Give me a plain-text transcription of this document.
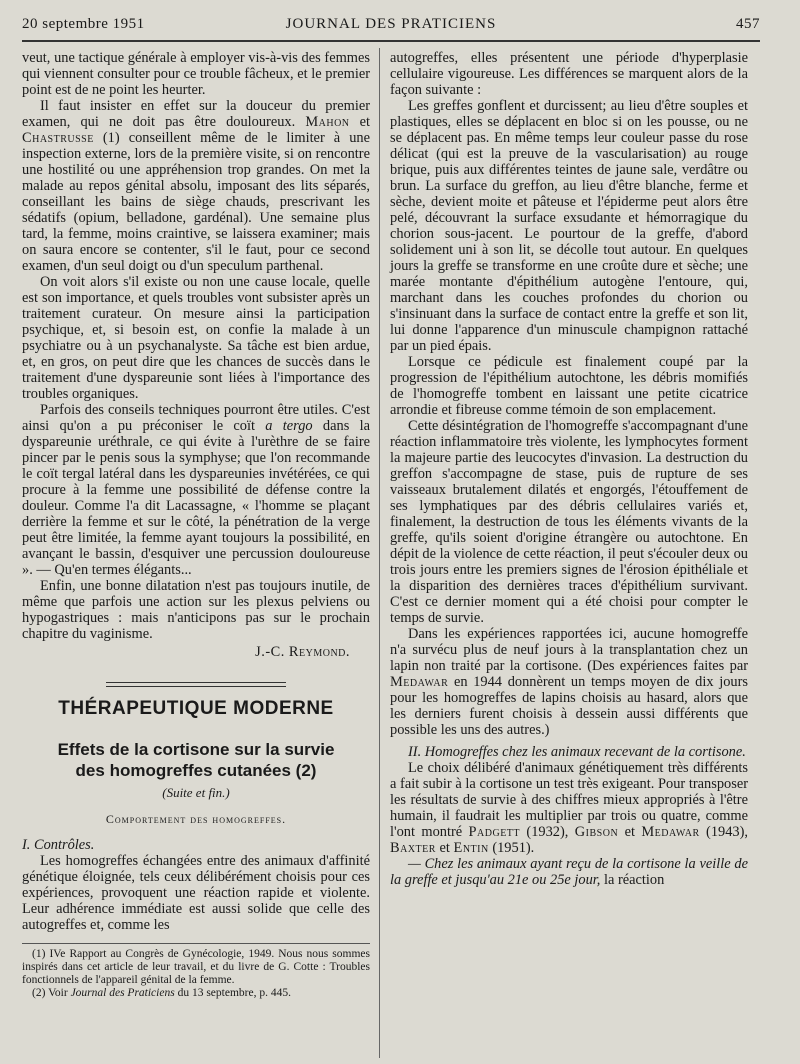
20 septembre 1951	JOURNAL DES PRATICIENS	457

veut, une tactique générale à employer vis-à-vis des femmes qui viennent consulter pour ce trouble fâcheux, et le premier point est de ne point les heurter.

Il faut insister en effet sur la douceur du premier examen, qui ne doit pas être douloureux. Mahon et Chastrusse (1) conseillent même de le limiter à une inspection externe, lors de la première visite, si on rencontre une hostilité ou une appréhension trop grandes. On met la malade au repos génital absolu, imposant des lits séparés, conseillant les bains de siège chauds, prescrivant les sédatifs (opium, belladone, gardénal). Une semaine plus tard, la femme, moins craintive, se laissera examiner; mais on saura encore se contenter, s'il le faut, pour ce second examen, d'un seul doigt ou d'un speculum parthenal.

On voit alors s'il existe ou non une cause locale, quelle est son importance, et quels troubles vont subsister après un traitement curateur. On mesure ainsi la participation psychique, et, si besoin est, on confie la malade à un psychiatre ou à un psychanalyste. Sa tâche est bien ardue, et, en gros, on peut dire que les chances de succès dans le traitement d'une dyspareunie sont liées à l'importance des troubles organiques.

Parfois des conseils techniques pourront être utiles. C'est ainsi qu'on a pu préconiser le coït a tergo dans la dyspareunie uréthrale, ce qui évite à l'urèthre de se faire pincer par le penis sous la symphyse; que l'on recommande le coït tergal latéral dans les dyspareunies invétérées, ce qui procure à la femme une possibilité de défense contre la douleur. Comme l'a dit Lacassagne, « l'homme se plaçant derrière la femme et sur le côté, la pénétration de la verge peut être limitée, la femme ayant toujours la possibilité, en avançant le bassin, d'esquiver une percussion douloureuse ». — Qu'en termes élégants...

Enfin, une bonne dilatation n'est pas toujours inutile, de même que parfois une action sur les plexus pelviens ou hypogastriques : mais n'anticipons pas sur le prochain chapitre du vaginisme.

J.-C. Reymond.
THÉRAPEUTIQUE MODERNE
Effets de la cortisone sur la survie
des homogreffes cutanées (2)
(Suite et fin.)
Comportement des homogreffes.

I. Contrôles.

Les homogreffes échangées entre des animaux d'affinité génétique éloignée, tels ceux délibérément choisis pour ces expériences, provoquent une réaction rapide et violente. Leur adhérence immédiate est aussi solide que celle des autogreffes et, comme les

(1) IVe Rapport au Congrès de Gynécologie, 1949. Nous nous sommes inspirés dans cet article de leur travail, et du livre de G. Cotte : Troubles fonctionnels de l'appareil génital de la femme.

(2) Voir Journal des Praticiens du 13 septembre, p. 445.

autogreffes, elles présentent une période d'hyperplasie cellulaire vigoureuse. Les différences se marquent alors de la façon suivante :

Les greffes gonflent et durcissent; au lieu d'être souples et plastiques, elles se déplacent en bloc si on les pousse, ou ne se déplacent pas. En même temps leur couleur passe du rose délicat (qui est la preuve de la vascularisation) au rouge brique, puis aux différentes teintes de jaune sale, verdâtre ou brun. La surface du greffon, au lieu d'être blanche, ferme et sèche, devient moite et pâteuse et l'épiderme peut alors être pelé, découvrant la surface exsudante et hémorragique du chorion sous-jacent. Le pourtour de la greffe, d'abord solidement uni à son lit, se décolle tout autour. En quelques jours la greffe se transforme en une croûte dure et sèche; une marée montante d'épithélium autogène l'entoure, qui, marchant dans les couches profondes du chorion ou s'insinuant dans la surface de contact entre la greffe et son lit, lui donne l'apparence d'un minuscule champignon rattaché par un pied épais.

Lorsque ce pédicule est finalement coupé par la progression de l'épithélium autochtone, les débris momifiés de l'homogreffe tombent en laissant une petite cicatrice arrondie et fibreuse comme témoin de son emplacement.

Cette désintégration de l'homogreffe s'accompagnant d'une réaction inflammatoire très violente, les lymphocytes forment la majeure partie des leucocytes d'invasion. La destruction du greffon s'accompagne de stase, puis de rupture de ses vaisseaux brutalement dilatés et engorgés, l'étouffement de ses lymphatiques par des débris cellulaires variés et, finalement, la destruction de tous les éléments vivants de la greffe, qu'ils soient d'origine étrangère ou autochtone. En dépit de la violence de cette réaction, il peut s'écouler deux ou trois jours entre les premiers signes de l'érosion épithéliale et la disparition des dernières traces d'épithélium survivant. C'est ce dernier moment qui a été choisi pour compter le temps de survie.

Dans les expériences rapportées ici, aucune homogreffe n'a survécu plus de neuf jours à la transplantation chez un lapin non traité par la cortisone. (Des expériences faites par Medawar en 1944 donnèrent un temps moyen de dix jours pour les homogreffes de lapins choisis au hasard, alors que les derniers furent choisis à dessein aussi différents que possible les uns des autres.)

II. Homogreffes chez les animaux recevant de la cortisone.

Le choix délibéré d'animaux génétiquement très différents a fait subir à la cortisone un test très exigeant. Pour transposer les résultats de survie à des chiffres mieux appropriés à l'être humain, il faudrait les multiplier par trois ou quatre, comme l'ont montré Padgett (1932), Gibson et Medawar (1943), Baxter et Entin (1951).

— Chez les animaux ayant reçu de la cortisone la veille de la greffe et jusqu'au 21e ou 25e jour, la réaction
